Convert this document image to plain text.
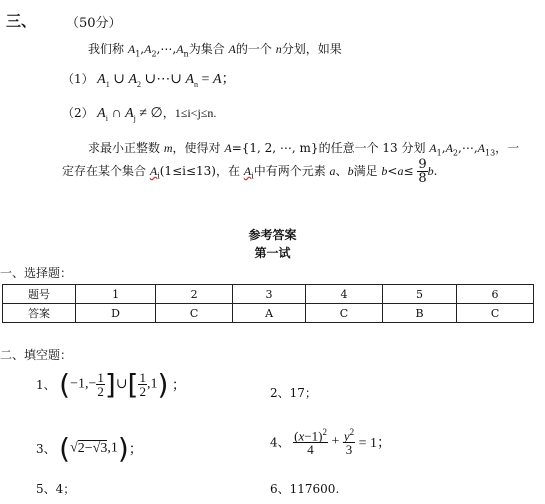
三、 （50分）
我们称 $A_1,A_2,\cdots,A_n$为集合 A的一个 n分划，如果
（1） $A_1$ ∪ $A_2$ ∪⋯∪ $A_n = A$；
（2） $A_i$ ∩ $A_j$ ≠ ∅，1≤i<j≤n.
求最小正整数 m，使得对 A={1, 2, ⋯, m}的任意一个 13 分划 $A_1,A_2,\cdots,A_{13}$，一
定存在某个集合 $A_i(1\le i\le 13)$，在 $A_i$中有两个元素 a、b满足 $b<a\le \frac{9}{8} b$.
参考答案
第一试
一、选择题：
题号	1	2	3	4	5	6
答案	D	C	A	C	B	C
二、填空题：
1、 ($-1,- \frac{1}{2}$ ]∪[ $\frac{1}{2} ,1$) ；	2、17；
3、 (√2−√3,1)；	4、 $\frac{(x-1)^2}{4} + \frac{y^2}{3} = 1$；
5、4；	6、117600.
